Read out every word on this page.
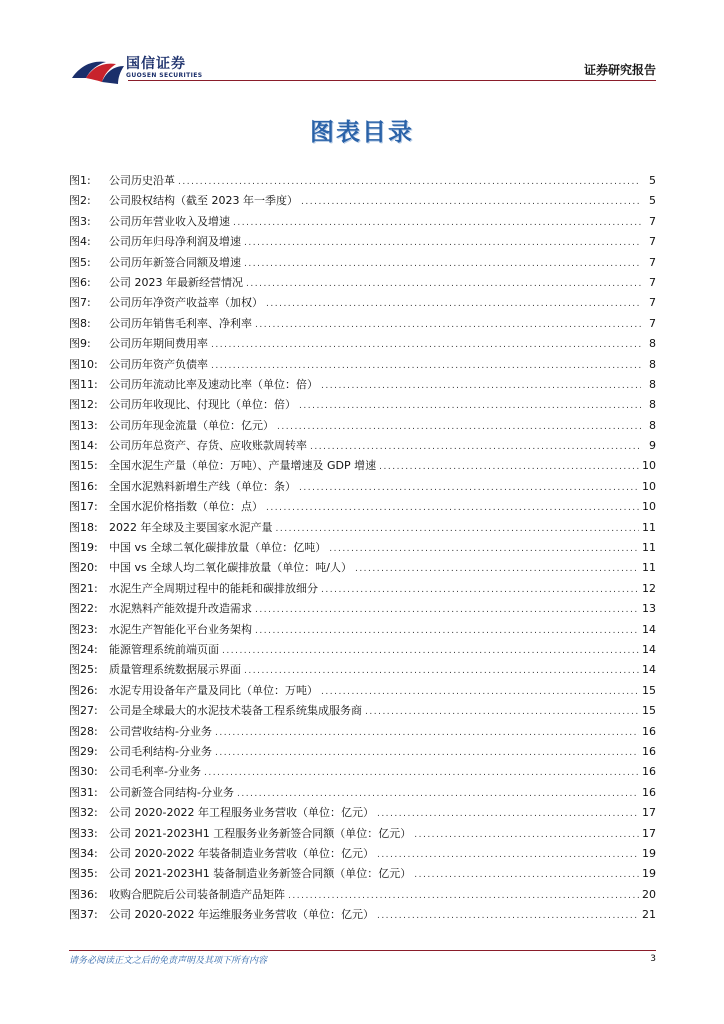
国信证券
GUOSEN SECURITIES	证券研究报告
图表目录
图1:	公司历史沿革 .....	5
图2:	公司股权结构（截至 2023 年一季度） .....	5
图3:	公司历年营业收入及增速 .....	7
图4:	公司历年归母净利润及增速 .....	7
图5:	公司历年新签合同额及增速 .....	7
图6:	公司 2023 年最新经营情况 .....	7
图7:	公司历年净资产收益率（加权） .....	7
图8:	公司历年销售毛利率、净利率 .....	7
图9:	公司历年期间费用率 .....	8
图10:	公司历年资产负债率 .....	8
图11:	公司历年流动比率及速动比率（单位：倍） .....	8
图12:	公司历年收现比、付现比（单位：倍） .....	8
图13:	公司历年现金流量（单位：亿元） .....	8
图14:	公司历年总资产、存货、应收账款周转率 .....	9
图15:	全国水泥生产量（单位：万吨）、产量增速及 GDP 增速 .....	10
图16:	全国水泥熟料新增生产线（单位：条） .....	10
图17:	全国水泥价格指数（单位：点） .....	10
图18:	2022 年全球及主要国家水泥产量 .....	11
图19:	中国 vs 全球二氧化碳排放量（单位：亿吨） .....	11
图20:	中国 vs 全球人均二氧化碳排放量（单位：吨/人） .....	11
图21:	水泥生产全周期过程中的能耗和碳排放细分 .....	12
图22:	水泥熟料产能效提升改造需求 .....	13
图23:	水泥生产智能化平台业务架构 .....	14
图24:	能源管理系统前端页面 .....	14
图25:	质量管理系统数据展示界面 .....	14
图26:	水泥专用设备年产量及同比（单位：万吨） .....	15
图27:	公司是全球最大的水泥技术装备工程系统集成服务商 .....	15
图28:	公司营收结构-分业务 .....	16
图29:	公司毛利结构-分业务 .....	16
图30:	公司毛利率-分业务 .....	16
图31:	公司新签合同结构-分业务 .....	16
图32:	公司 2020-2022 年工程服务业务营收（单位：亿元） .....	17
图33:	公司 2021-2023H1 工程服务业务新签合同额（单位：亿元） .....	17
图34:	公司 2020-2022 年装备制造业务营收（单位：亿元） .....	19
图35:	公司 2021-2023H1 装备制造业务新签合同额（单位：亿元） .....	19
图36:	收购合肥院后公司装备制造产品矩阵 .....	20
图37:	公司 2020-2022 年运维服务业务营收（单位：亿元） .....	21
请务必阅读正文之后的免责声明及其项下所有内容	3
